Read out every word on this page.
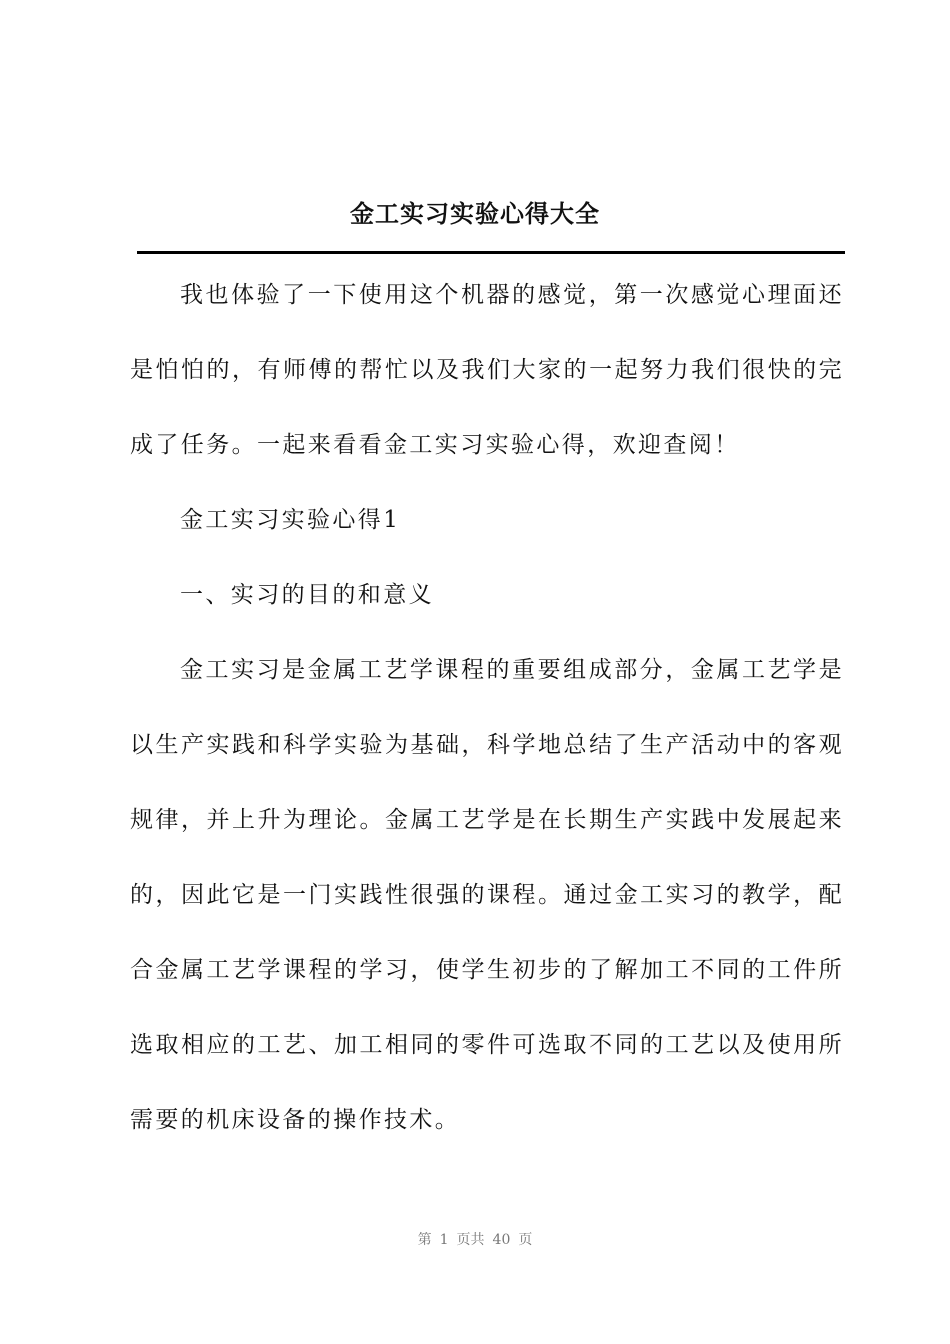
金工实习实验心得大全

我也体验了一下使用这个机器的感觉，第一次感觉心理面还是怕怕的，有师傅的帮忙以及我们大家的一起努力我们很快的完成了任务。一起来看看金工实习实验心得，欢迎查阅！

金工实习实验心得1

一、实习的目的和意义

金工实习是金属工艺学课程的重要组成部分，金属工艺学是以生产实践和科学实验为基础，科学地总结了生产活动中的客观规律，并上升为理论。金属工艺学是在长期生产实践中发展起来的，因此它是一门实践性很强的课程。通过金工实习的教学，配合金属工艺学课程的学习，使学生初步的了解加工不同的工件所选取相应的工艺、加工相同的零件可选取不同的工艺以及使用所需要的机床设备的操作技术。

第 1 页共 40 页
